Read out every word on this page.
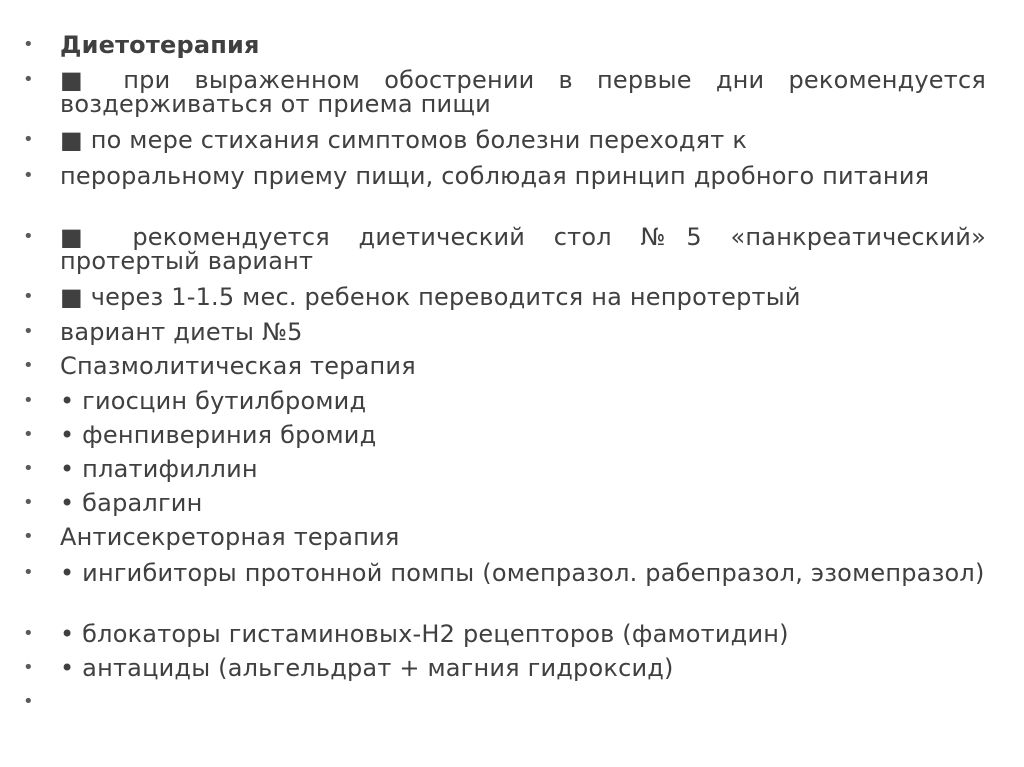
• Диетотерапия
• ■ при выраженном обострении в первые дни рекомендуется воздерживаться от приема пищи
• ■ по мере стихания симптомов болезни переходят к
• пероральному приему пищи, соблюдая принцип дробного питания
• ■ рекомендуется диетический стол №5 «панкреатический» протертый вариант
• ■ через 1-1.5 мес. ребенок переводится на непротертый
• вариант диеты №5
• Спазмолитическая терапия
• • гиосцин бутилбромид
• • фенпивериния бромид
• • платифиллин
• • баралгин
• Антисекреторная терапия
• • ингибиторы протонной помпы (омепразол. рабепразол, эзомепразол)
• • блокаторы гистаминовых-Н2 рецепторов (фамотидин)
• • антациды (альгельдрат + магния гидроксид)
•
